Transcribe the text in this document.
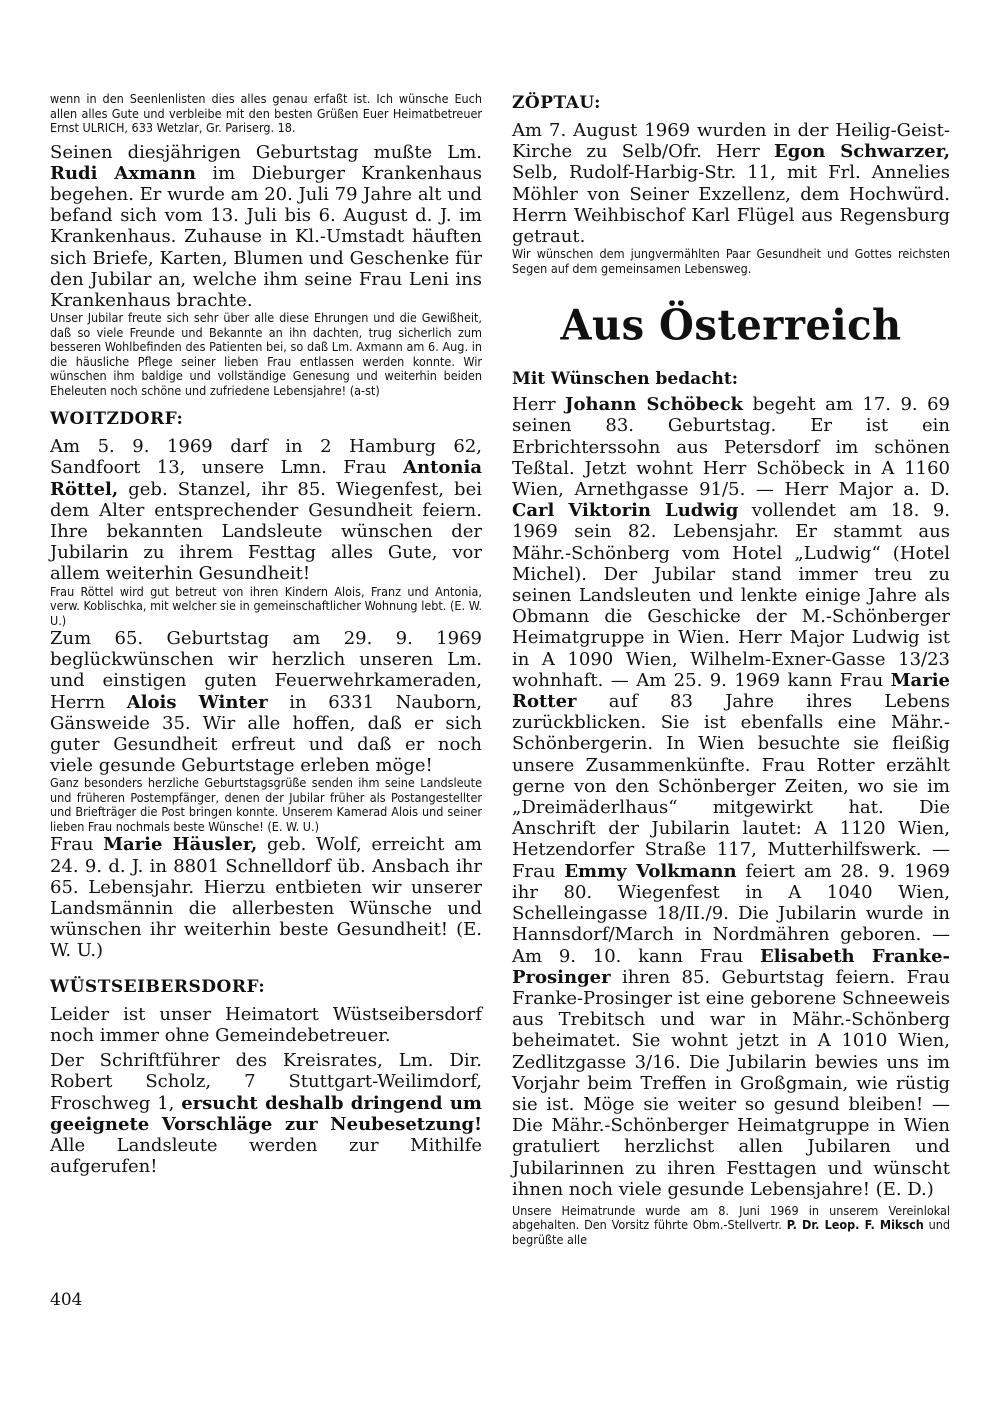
wenn in den Seenlenlisten dies alles genau erfaßt ist. Ich wünsche Euch allen alles Gute und verbleibe mit den besten Grüßen Euer Heimatbetreuer Ernst ULRICH, 633 Wetzlar, Gr. Pariserg. 18.

Seinen diesjährigen Geburtstag mußte Lm. Rudi Axmann im Dieburger Krankenhaus begehen. Er wurde am 20. Juli 79 Jahre alt und befand sich vom 13. Juli bis 6. August d. J. im Krankenhaus. Zuhause in Kl.-Umstadt häuften sich Briefe, Karten, Blumen und Geschenke für den Jubilar an, welche ihm seine Frau Leni ins Krankenhaus brachte.

Unser Jubilar freute sich sehr über alle diese Ehrungen und die Gewißheit, daß so viele Freunde und Bekannte an ihn dachten, trug sicherlich zum besseren Wohlbefinden des Patienten bei, so daß Lm. Axmann am 6. Aug. in die häusliche Pflege seiner lieben Frau entlassen werden konnte. Wir wünschen ihm baldige und vollständige Genesung und weiterhin beiden Eheleuten noch schöne und zufriedene Lebensjahre! (a-st)

WOITZDORF:

Am 5. 9. 1969 darf in 2 Hamburg 62, Sandfoort 13, unsere Lmn. Frau Antonia Röttel, geb. Stanzel, ihr 85. Wiegenfest, bei dem Alter entsprechender Gesundheit feiern. Ihre bekannten Landsleute wünschen der Jubilarin zu ihrem Festtag alles Gute, vor allem weiterhin Gesundheit!

Frau Röttel wird gut betreut von ihren Kindern Alois, Franz und Antonia, verw. Koblischka, mit welcher sie in gemeinschaftlicher Wohnung lebt. (E. W. U.)

Zum 65. Geburtstag am 29. 9. 1969 beglückwünschen wir herzlich unseren Lm. und einstigen guten Feuerwehrkameraden, Herrn Alois Winter in 6331 Nauborn, Gänsweide 35. Wir alle hoffen, daß er sich guter Gesundheit erfreut und daß er noch viele gesunde Geburtstage erleben möge!

Ganz besonders herzliche Geburtstagsgrüße senden ihm seine Landsleute und früheren Postempfänger, denen der Jubilar früher als Postangestellter und Briefträger die Post bringen konnte. Unserem Kamerad Alois und seiner lieben Frau nochmals beste Wünsche! (E. W. U.)

Frau Marie Häusler, geb. Wolf, erreicht am 24. 9. d. J. in 8801 Schnelldorf üb. Ansbach ihr 65. Lebensjahr. Hierzu entbieten wir unserer Landsmännin die allerbesten Wünsche und wünschen ihr weiterhin beste Gesundheit! (E. W. U.)

WÜSTSEIBERSDORF:

Leider ist unser Heimatort Wüstseibersdorf noch immer ohne Gemeindebetreuer.

Der Schriftführer des Kreisrates, Lm. Dir. Robert Scholz, 7 Stuttgart-Weilimdorf, Froschweg 1, ersucht deshalb dringend um geeignete Vorschläge zur Neubesetzung! Alle Landsleute werden zur Mithilfe aufgerufen!

404
ZÖPTAU:

Am 7. August 1969 wurden in der Heilig-Geist-Kirche zu Selb/Ofr. Herr Egon Schwarzer, Selb, Rudolf-Harbig-Str. 11, mit Frl. Annelies Möhler von Seiner Exzellenz, dem Hochwürd. Herrn Weihbischof Karl Flügel aus Regensburg getraut.

Wir wünschen dem jungvermählten Paar Gesundheit und Gottes reichsten Segen auf dem gemeinsamen Lebensweg.

Aus Österreich
Mit Wünschen bedacht:

Herr Johann Schöbeck begeht am 17. 9. 69 seinen 83. Geburtstag. Er ist ein Erbrichterssohn aus Petersdorf im schönen Teßtal. Jetzt wohnt Herr Schöbeck in A 1160 Wien, Arnethgasse 91/5. — Herr Major a. D. Carl Viktorin Ludwig vollendet am 18. 9. 1969 sein 82. Lebensjahr. Er stammt aus Mähr.-Schönberg vom Hotel „Ludwig“ (Hotel Michel). Der Jubilar stand immer treu zu seinen Landsleuten und lenkte einige Jahre als Obmann die Geschicke der M.-Schönberger Heimatgruppe in Wien. Herr Major Ludwig ist in A 1090 Wien, Wilhelm-Exner-Gasse 13/23 wohnhaft. — Am 25. 9. 1969 kann Frau Marie Rotter auf 83 Jahre ihres Lebens zurückblicken. Sie ist ebenfalls eine Mähr.-Schönbergerin. In Wien besuchte sie fleißig unsere Zusammenkünfte. Frau Rotter erzählt gerne von den Schönberger Zeiten, wo sie im „Dreimäderlhaus“ mitgewirkt hat. Die Anschrift der Jubilarin lautet: A 1120 Wien, Hetzendorfer Straße 117, Mutterhilfswerk. — Frau Emmy Volkmann feiert am 28. 9. 1969 ihr 80. Wiegenfest in A 1040 Wien, Schelleingasse 18/II./9. Die Jubilarin wurde in Hannsdorf/March in Nordmähren geboren. — Am 9. 10. kann Frau Elisabeth Franke-Prosinger ihren 85. Geburtstag feiern. Frau Franke-Prosinger ist eine geborene Schneeweis aus Trebitsch und war in Mähr.-Schönberg beheimatet. Sie wohnt jetzt in A 1010 Wien, Zedlitzgasse 3/16. Die Jubilarin bewies uns im Vorjahr beim Treffen in Großgmain, wie rüstig sie ist. Möge sie weiter so gesund bleiben! — Die Mähr.-Schönberger Heimatgruppe in Wien gratuliert herzlichst allen Jubilaren und Jubilarinnen zu ihren Festtagen und wünscht ihnen noch viele gesunde Lebensjahre! (E. D.)

Unsere Heimatrunde wurde am 8. Juni 1969 in unserem Vereinlokal abgehalten. Den Vorsitz führte Obm.-Stellvertr. P. Dr. Leop. F. Miksch und begrüßte alle
